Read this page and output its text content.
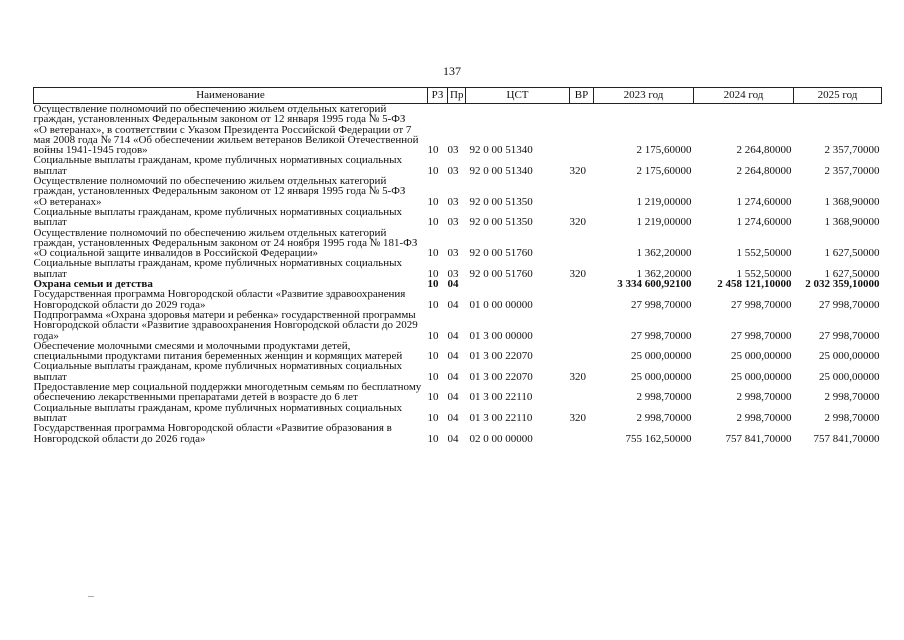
137
Наименование	РЗ	Пр	ЦСТ	ВР	2023 год	2024 год	2025 год
Осуществление полномочий по обеспечению жильем отдельных категорий граждан, установленных Федеральным законом от 12 января 1995 года № 5-ФЗ «О ветеранах», в соответствии с Указом Президента Российской Федерации от 7 мая 2008 года № 714 «Об обеспечении жильем ветеранов Великой Отечественной войны 1941-1945 годов»	10	03	92 0 00 51340		2 175,60000	2 264,80000	2 357,70000
Социальные выплаты гражданам, кроме публичных нормативных социальных выплат	10	03	92 0 00 51340	320	2 175,60000	2 264,80000	2 357,70000
Осуществление полномочий по обеспечению жильем отдельных категорий граждан, установленных Федеральным законом от 12 января 1995 года № 5-ФЗ «О ветеранах»	10	03	92 0 00 51350		1 219,00000	1 274,60000	1 368,90000
Социальные выплаты гражданам, кроме публичных нормативных социальных выплат	10	03	92 0 00 51350	320	1 219,00000	1 274,60000	1 368,90000
Осуществление полномочий по обеспечению жильем отдельных категорий граждан, установленных Федеральным законом от 24 ноября 1995 года № 181-ФЗ «О социальной защите инвалидов в Российской Федерации»	10	03	92 0 00 51760		1 362,20000	1 552,50000	1 627,50000
Социальные выплаты гражданам, кроме публичных нормативных социальных выплат	10	03	92 0 00 51760	320	1 362,20000	1 552,50000	1 627,50000
Охрана семьи и детства	10	04			3 334 600,92100	2 458 121,10000	2 032 359,10000
Государственная программа Новгородской области «Развитие здравоохранения Новгородской области до 2029 года»	10	04	01 0 00 00000		27 998,70000	27 998,70000	27 998,70000
Подпрограмма «Охрана здоровья матери и ребенка» государственной программы Новгородской области «Развитие здравоохранения Новгородской области до 2029 года»	10	04	01 3 00 00000		27 998,70000	27 998,70000	27 998,70000
Обеспечение молочными смесями и молочными продуктами детей, специальными продуктами питания беременных женщин и кормящих матерей	10	04	01 3 00 22070		25 000,00000	25 000,00000	25 000,00000
Социальные выплаты гражданам, кроме публичных нормативных социальных выплат	10	04	01 3 00 22070	320	25 000,00000	25 000,00000	25 000,00000
Предоставление мер социальной поддержки многодетным семьям по бесплатному обеспечению лекарственными препаратами детей в возрасте до 6 лет	10	04	01 3 00 22110		2 998,70000	2 998,70000	2 998,70000
Социальные выплаты гражданам, кроме публичных нормативных социальных выплат	10	04	01 3 00 22110	320	2 998,70000	2 998,70000	2 998,70000
Государственная программа Новгородской области «Развитие образования в Новгородской области до 2026 года»	10	04	02 0 00 00000		755 162,50000	757 841,70000	757 841,70000
